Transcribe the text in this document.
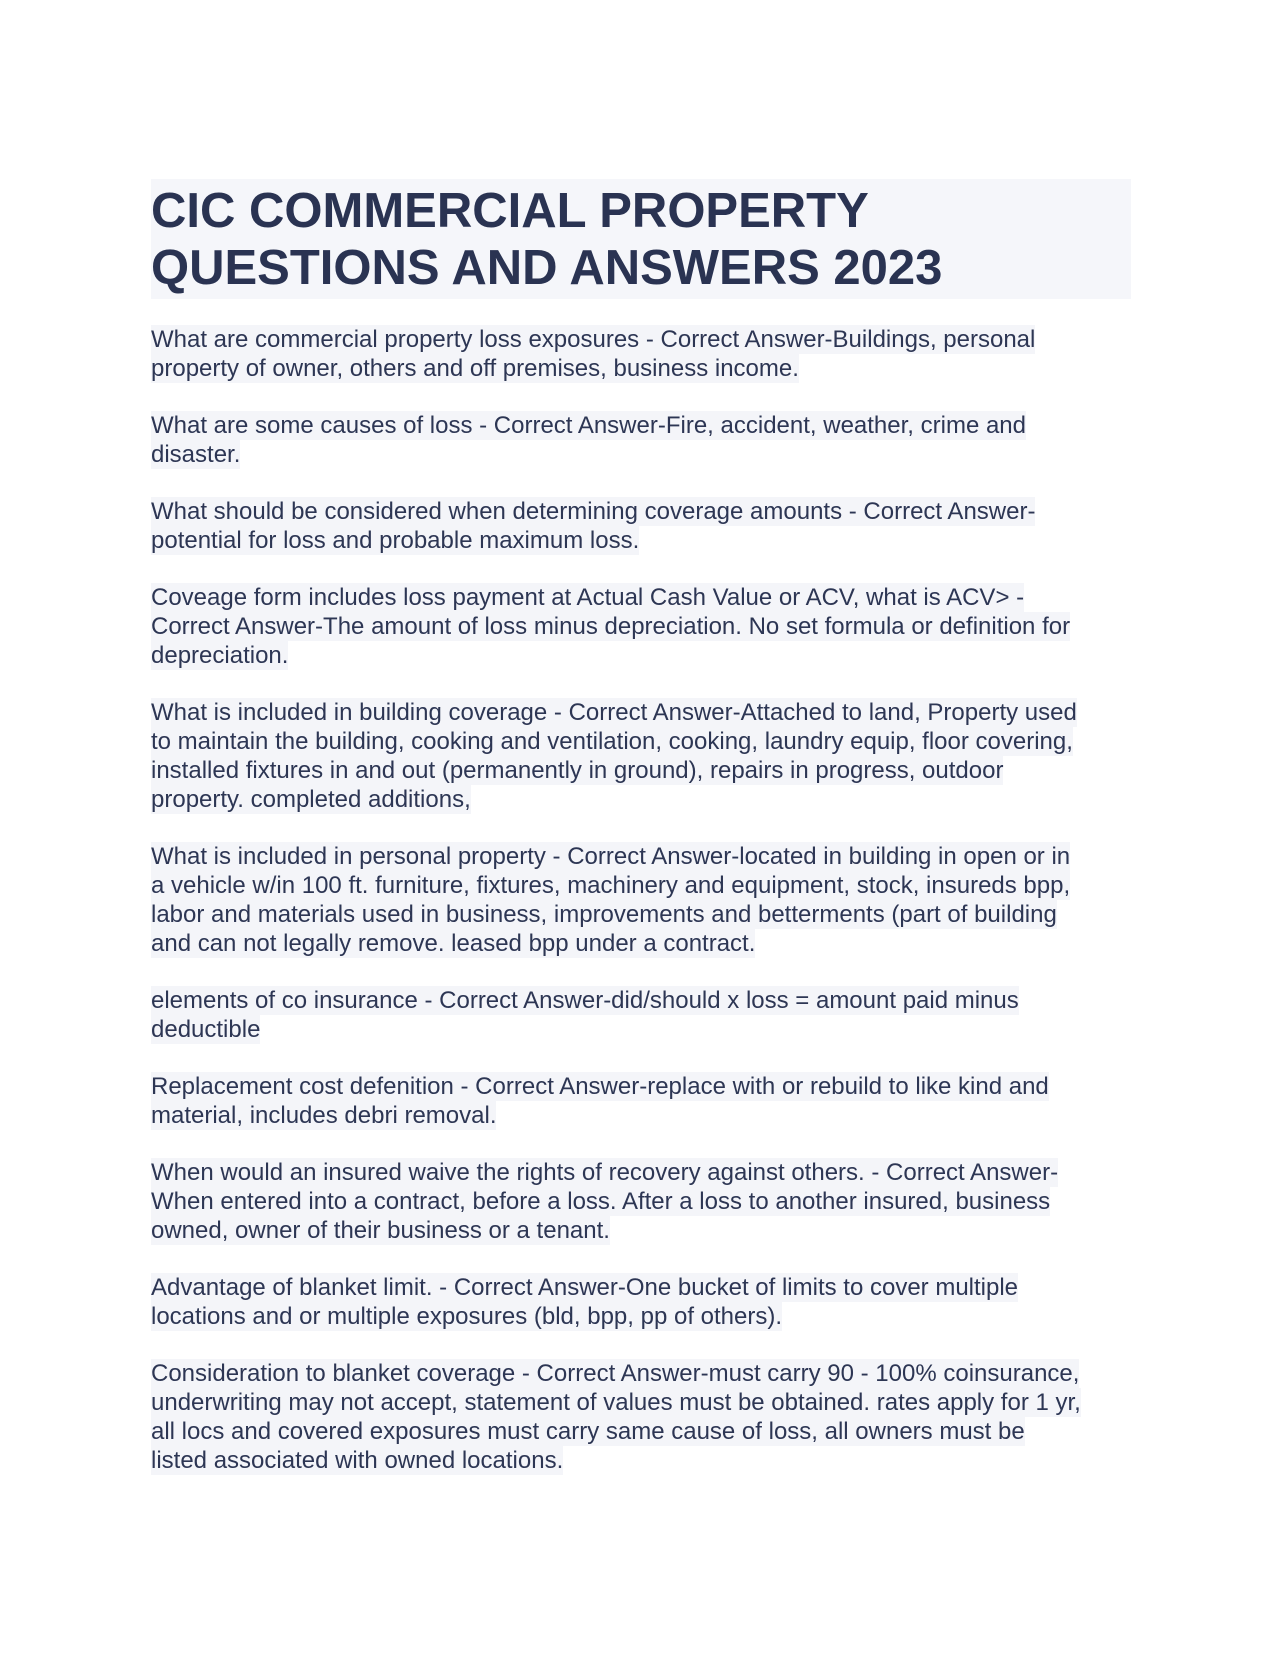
CIC COMMERCIAL PROPERTY
QUESTIONS AND ANSWERS 2023
What are commercial property loss exposures - Correct Answer-Buildings, personal
property of owner, others and off premises, business income.

What are some causes of loss - Correct Answer-Fire, accident, weather, crime and
disaster.

What should be considered when determining coverage amounts - Correct Answer-
potential for loss and probable maximum loss.

Coveage form includes loss payment at Actual Cash Value or ACV, what is ACV> -
Correct Answer-The amount of loss minus depreciation. No set formula or definition for
depreciation.

What is included in building coverage - Correct Answer-Attached to land, Property used
to maintain the building, cooking and ventilation, cooking, laundry equip, floor covering,
installed fixtures in and out (permanently in ground), repairs in progress, outdoor
property. completed additions,

What is included in personal property - Correct Answer-located in building in open or in
a vehicle w/in 100 ft. furniture, fixtures, machinery and equipment, stock, insureds bpp,
labor and materials used in business, improvements and betterments (part of building
and can not legally remove. leased bpp under a contract.

elements of co insurance - Correct Answer-did/should x loss = amount paid minus
deductible

Replacement cost defenition - Correct Answer-replace with or rebuild to like kind and
material, includes debri removal.

When would an insured waive the rights of recovery against others. - Correct Answer-
When entered into a contract, before a loss. After a loss to another insured, business
owned, owner of their business or a tenant.

Advantage of blanket limit. - Correct Answer-One bucket of limits to cover multiple
locations and or multiple exposures (bld, bpp, pp of others).

Consideration to blanket coverage - Correct Answer-must carry 90 - 100% coinsurance,
underwriting may not accept, statement of values must be obtained. rates apply for 1 yr,
all locs and covered exposures must carry same cause of loss, all owners must be
listed associated with owned locations.
